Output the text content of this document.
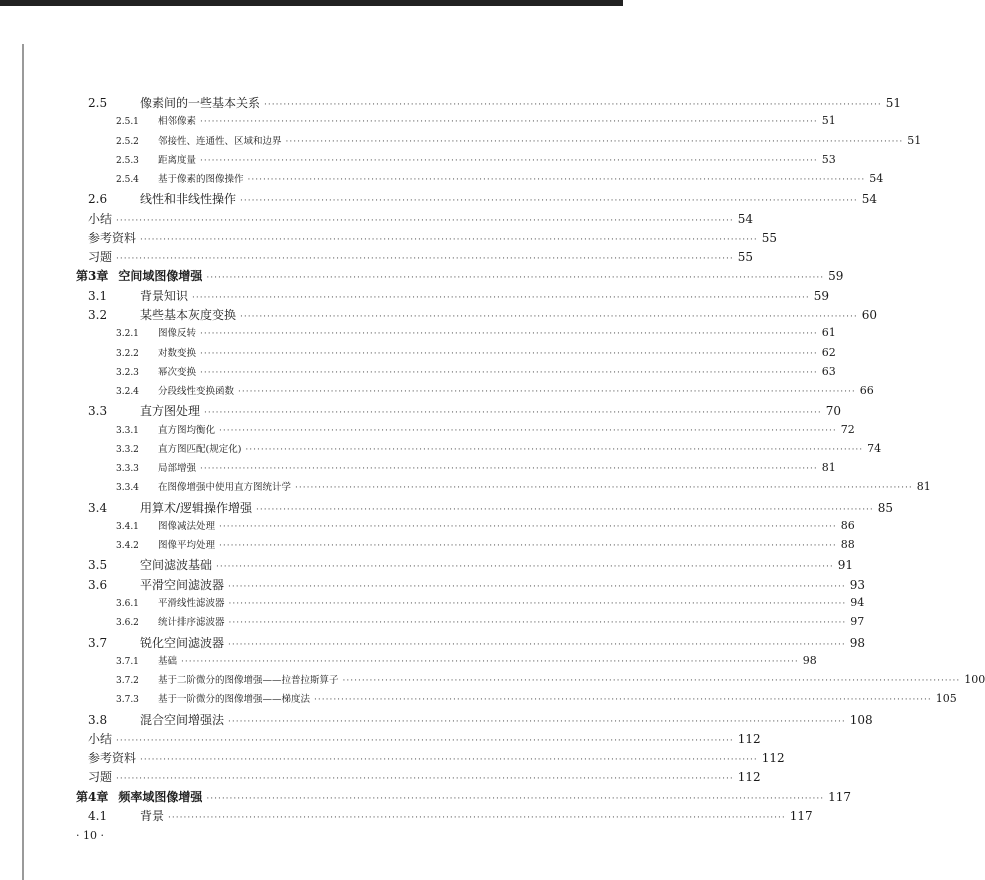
2.5	像素间的一些基本关系 ································································································································································ 51
2.5.1	相邻像素 ································································································································································ 51
2.5.2	邻接性、连通性、区域和边界 ································································································································································ 51
2.5.3	距离度量 ································································································································································ 53
2.5.4	基于像素的图像操作 ································································································································································ 54
2.6	线性和非线性操作 ································································································································································ 54
小结 ································································································································································ 54
参考资料 ································································································································································ 55
习题 ································································································································································ 55
第3章 空间域图像增强 ································································································································································ 59
3.1	背景知识 ································································································································································ 59
3.2	某些基本灰度变换 ································································································································································ 60
3.2.1	图像反转 ································································································································································ 61
3.2.2	对数变换 ································································································································································ 62
3.2.3	幂次变换 ································································································································································ 63
3.2.4	分段线性变换函数 ································································································································································ 66
3.3	直方图处理 ································································································································································ 70
3.3.1	直方图均衡化 ································································································································································ 72
3.3.2	直方图匹配(规定化) ································································································································································ 74
3.3.3	局部增强 ································································································································································ 81
3.3.4	在图像增强中使用直方图统计学 ································································································································································ 81
3.4	用算术/逻辑操作增强 ································································································································································ 85
3.4.1	图像减法处理 ································································································································································ 86
3.4.2	图像平均处理 ································································································································································ 88
3.5	空间滤波基础 ································································································································································ 91
3.6	平滑空间滤波器 ································································································································································ 93
3.6.1	平滑线性滤波器 ································································································································································ 94
3.6.2	统计排序滤波器 ································································································································································ 97
3.7	锐化空间滤波器 ································································································································································ 98
3.7.1	基础 ································································································································································ 98
3.7.2	基于二阶微分的图像增强——拉普拉斯算子 ································································································································································ 100
3.7.3	基于一阶微分的图像增强——梯度法 ································································································································································ 105
3.8	混合空间增强法 ································································································································································ 108
小结 ································································································································································ 112
参考资料 ································································································································································ 112
习题 ································································································································································ 112
第4章 频率域图像增强 ································································································································································ 117
4.1	背景 ································································································································································ 117
· 10 ·
